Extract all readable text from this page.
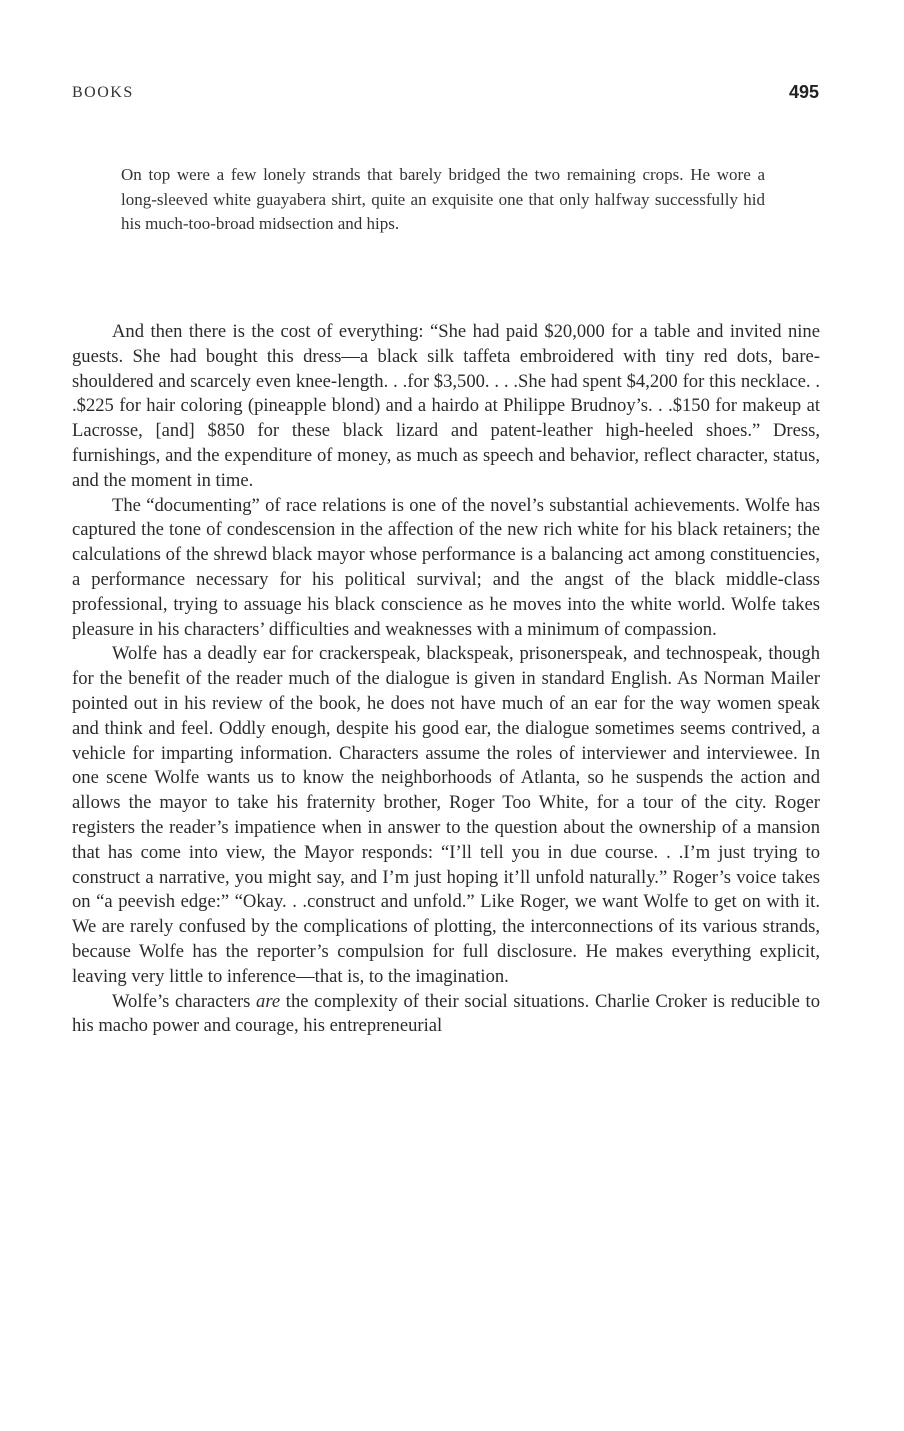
BOOKS	495

On top were a few lonely strands that barely bridged the two remaining crops. He wore a long-sleeved white guayabera shirt, quite an exquisite one that only halfway successfully hid his much-too-broad midsection and hips.

And then there is the cost of everything: “She had paid $20,000 for a table and invited nine guests. She had bought this dress—a black silk taffeta embroidered with tiny red dots, bare-shouldered and scarcely even knee-length. . .for $3,500. . . .She had spent $4,200 for this necklace. . .$225 for hair coloring (pineapple blond) and a hairdo at Philippe Brudnoy’s. . .$150 for makeup at Lacrosse, [and] $850 for these black lizard and patent-leather high-heeled shoes.” Dress, furnishings, and the expenditure of money, as much as speech and behavior, reflect character, status, and the moment in time.

The “documenting” of race relations is one of the novel’s substantial achievements. Wolfe has captured the tone of condescension in the affection of the new rich white for his black retainers; the calculations of the shrewd black mayor whose performance is a balancing act among constituencies, a performance necessary for his political survival; and the angst of the black middle-class professional, trying to assuage his black conscience as he moves into the white world. Wolfe takes pleasure in his characters’ difficulties and weaknesses with a minimum of compassion.

Wolfe has a deadly ear for crackerspeak, blackspeak, prisonerspeak, and technospeak, though for the benefit of the reader much of the dialogue is given in standard English. As Norman Mailer pointed out in his review of the book, he does not have much of an ear for the way women speak and think and feel. Oddly enough, despite his good ear, the dialogue sometimes seems contrived, a vehicle for imparting information. Characters assume the roles of interviewer and interviewee. In one scene Wolfe wants us to know the neighborhoods of Atlanta, so he suspends the action and allows the mayor to take his fraternity brother, Roger Too White, for a tour of the city. Roger registers the reader’s impatience when in answer to the question about the ownership of a mansion that has come into view, the Mayor responds: “I’ll tell you in due course. . .I’m just trying to construct a narrative, you might say, and I’m just hoping it’ll unfold naturally.” Roger’s voice takes on “a peevish edge:” “Okay. . .construct and unfold.” Like Roger, we want Wolfe to get on with it. We are rarely confused by the complications of plotting, the interconnections of its various strands, because Wolfe has the reporter’s compulsion for full disclosure. He makes everything explicit, leaving very little to inference—that is, to the imagination.

Wolfe’s characters are the complexity of their social situations. Charlie Croker is reducible to his macho power and courage, his entrepreneurial
